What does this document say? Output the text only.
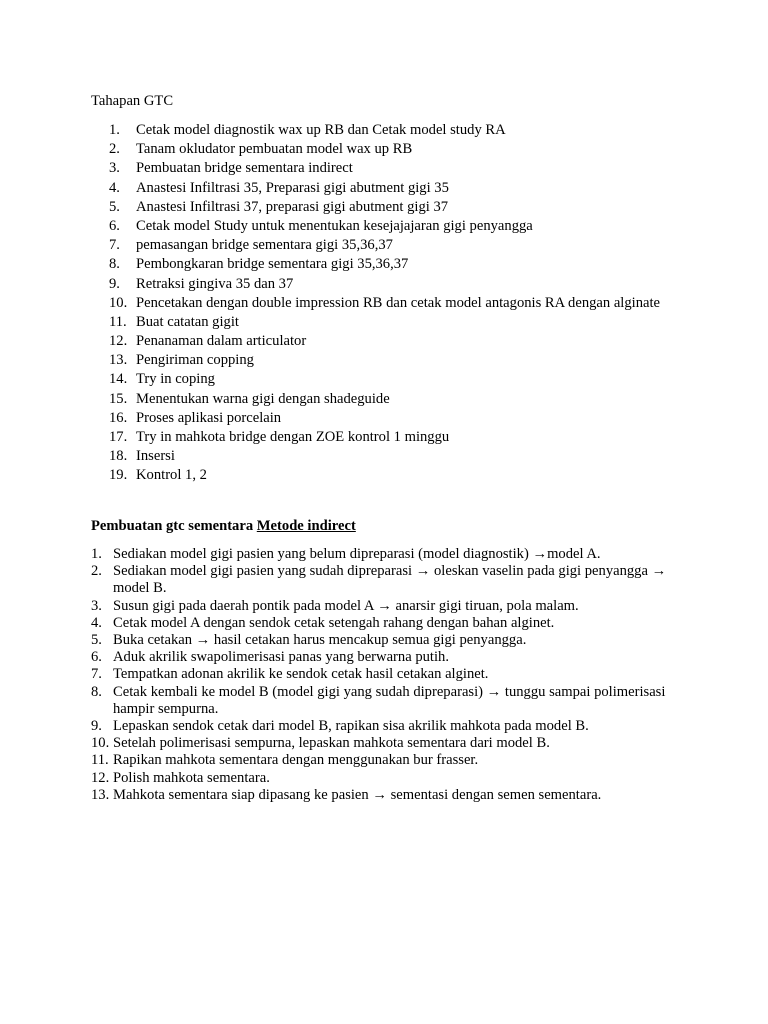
Tahapan GTC

1. Cetak model diagnostik wax up RB dan Cetak model study RA
2. Tanam okludator pembuatan model wax up RB
3. Pembuatan bridge sementara indirect
4. Anastesi Infiltrasi 35, Preparasi gigi abutment gigi 35
5. Anastesi Infiltrasi 37, preparasi gigi abutment gigi 37
6. Cetak model Study untuk menentukan kesejajajaran gigi penyangga
7. pemasangan bridge sementara gigi 35,36,37
8. Pembongkaran bridge sementara gigi 35,36,37
9. Retraksi gingiva 35 dan 37
10. Pencetakan dengan double impression RB dan cetak model antagonis RA dengan alginate
11. Buat catatan gigit
12. Penanaman dalam articulator
13. Pengiriman copping
14. Try in coping
15. Menentukan warna gigi dengan shadeguide
16. Proses aplikasi porcelain
17. Try in mahkota bridge dengan ZOE kontrol 1 minggu
18. Insersi
19. Kontrol 1, 2

Pembuatan gtc sementara Metode indirect

1. Sediakan model gigi pasien yang belum dipreparasi (model diagnostik) →model A.
2. Sediakan model gigi pasien yang sudah dipreparasi → oleskan vaselin pada gigi penyangga → model B.
3. Susun gigi pada daerah pontik pada model A → anarsir gigi tiruan, pola malam.
4. Cetak model A dengan sendok cetak setengah rahang dengan bahan alginet.
5. Buka cetakan → hasil cetakan harus mencakup semua gigi penyangga.
6. Aduk akrilik swapolimerisasi panas yang berwarna putih.
7. Tempatkan adonan akrilik ke sendok cetak hasil cetakan alginet.
8. Cetak kembali ke model B (model gigi yang sudah dipreparasi) → tunggu sampai polimerisasi hampir sempurna.
9. Lepaskan sendok cetak dari model B, rapikan sisa akrilik mahkota pada model B.
10. Setelah polimerisasi sempurna, lepaskan mahkota sementara dari model B.
11. Rapikan mahkota sementara dengan menggunakan bur frasser.
12. Polish mahkota sementara.
13. Mahkota sementara siap dipasang ke pasien → sementasi dengan semen sementara.
